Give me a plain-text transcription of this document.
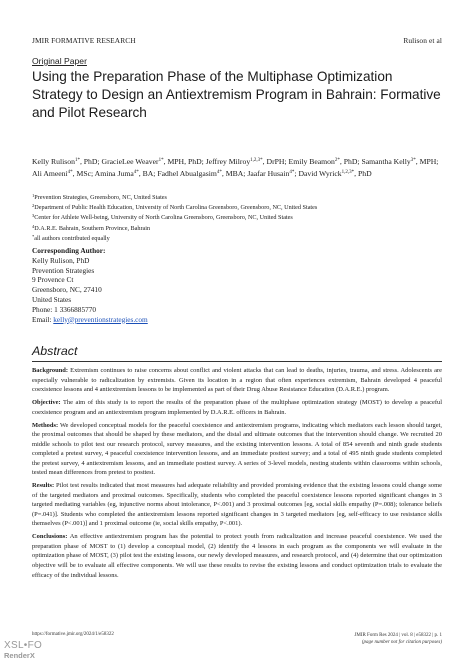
JMIR FORMATIVE RESEARCH	Rulison et al
Original Paper
Using the Preparation Phase of the Multiphase Optimization Strategy to Design an Antiextremism Program in Bahrain: Formative and Pilot Research
Kelly Rulison$^{1*}$, PhD; GracieLee Weaver$^{1*}$, MPH, PhD; Jeffrey Milroy$^{1,2,3*}$, DrPH; Emily Beamon$^{2*}$, PhD; Samantha Kelly$^{3*}$, MPH; Ali Ameeni$^{4*}$, MSc; Amina Juma$^{4*}$, BA; Fadhel Abualgasim$^{4*}$, MBA; Jaafar Husain$^{4*}$; David Wyrick$^{1,2,3*}$, PhD
$^1$Prevention Strategies, Greensboro, NC, United States
$^2$Department of Public Health Education, University of North Carolina Greensboro, Greensboro, NC, United States
$^3$Center for Athlete Well-being, University of North Carolina Greensboro, Greensboro, NC, United States
$^4$D.A.R.E. Bahrain, Southern Province, Bahrain
*all authors contributed equally
Corresponding Author:
Kelly Rulison, PhD
Prevention Strategies
9 Provence Ct
Greensboro, NC, 27410
United States
Phone: 1 3366885770
Email: kelly@preventionstrategies.com
Abstract

Background: Extremism continues to raise concerns about conflict and violent attacks that can lead to deaths, injuries, trauma, and stress. Adolescents are especially vulnerable to radicalization by extremists. Given its location in a region that often experiences extremism, Bahrain developed 4 peaceful coexistence lessons and 4 antiextremism lessons to be implemented as part of their Drug Abuse Resistance Education (D.A.R.E.) program.

Objective: The aim of this study is to report the results of the preparation phase of the multiphase optimization strategy (MOST) to develop a peaceful coexistence program and an antiextremism program implemented by D.A.R.E. officers in Bahrain.

Methods: We developed conceptual models for the peaceful coexistence and antiextremism programs, indicating which mediators each lesson should target, the proximal outcomes that should be shaped by these mediators, and the distal and ultimate outcomes that the intervention should change. We recruited 20 middle schools to pilot test our research protocol, survey measures, and the existing intervention lessons. A total of 854 seventh and ninth grade students completed a pretest survey, 4 peaceful coexistence intervention lessons, and an immediate posttest survey; and a total of 495 ninth grade students completed the pretest survey, 4 antiextremism lessons, and an immediate posttest survey. A series of 3-level models, nesting students within classrooms within schools, tested mean differences from pretest to posttest.

Results: Pilot test results indicated that most measures had adequate reliability and provided promising evidence that the existing lessons could change some of the targeted mediators and proximal outcomes. Specifically, students who completed the peaceful coexistence lessons reported significant changes in 3 targeted mediating variables (eg, injunctive norms about intolerance, P<.001) and 3 proximal outcomes [eg, social skills empathy (P=.008); tolerance beliefs (P=.041)]. Students who completed the antiextremism lessons reported significant changes in 3 targeted mediators [eg, self-efficacy to use resistance skills themselves (P<.001)] and 1 proximal outcome (ie, social skills empathy, P<.001).

Conclusions: An effective antiextremism program has the potential to protect youth from radicalization and increase peaceful coexistence. We used the preparation phase of MOST to (1) develop a conceptual model, (2) identify the 4 lessons in each program as the components we will evaluate in the optimization phase of MOST, (3) pilot test the existing lessons, our newly developed measures, and research protocol, and (4) determine that our optimization objective will be to evaluate all effective components. We will use these results to revise the existing lessons and conduct optimization trials to evaluate the efficacy of the individual lessons.

https://formative.jmir.org/2024/1/e58322	JMIR Form Res 2024 | vol. 8 | e58322 | p. 1
(page number not for citation purposes)
XSL•FO
RenderX
